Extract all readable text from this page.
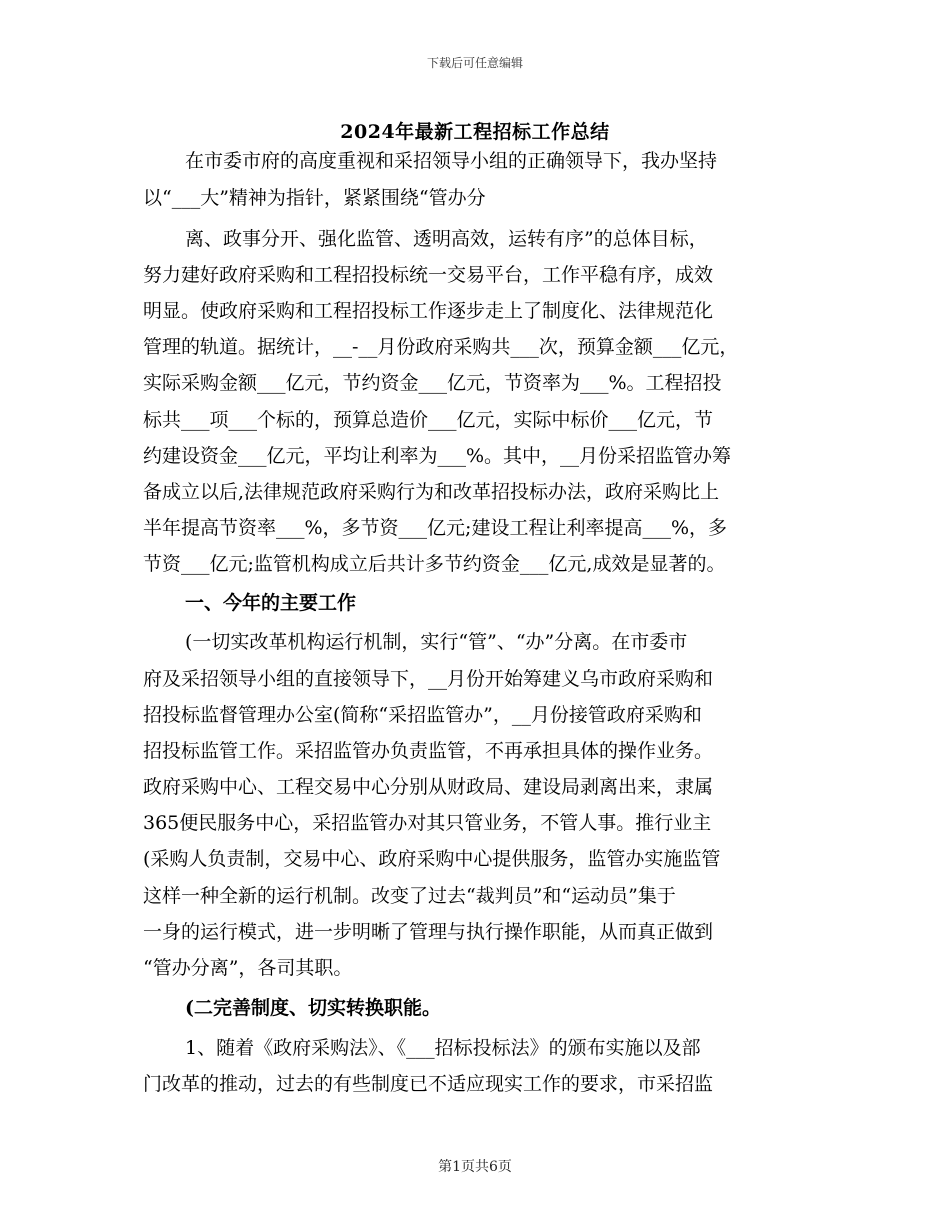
下载后可任意编辑
2024年最新工程招标工作总结
在市委市府的高度重视和采招领导小组的正确领导下，我办坚持
以“___大”精神为指针，紧紧围绕“管办分
离、政事分开、强化监管、透明高效，运转有序”的总体目标，
努力建好政府采购和工程招投标统一交易平台，工作平稳有序，成效
明显。使政府采购和工程招投标工作逐步走上了制度化、法律规范化
管理的轨道。据统计，__-__月份政府采购共___次，预算金额___亿元，
实际采购金额___亿元，节约资金___亿元，节资率为___%。工程招投
标共___项___个标的，预算总造价___亿元，实际中标价___亿元，节
约建设资金___亿元，平均让利率为___%。其中，__月份采招监管办筹
备成立以后,法律规范政府采购行为和改革招投标办法，政府采购比上
半年提高节资率___%，多节资___亿元;建设工程让利率提高___%，多
节资___亿元;监管机构成立后共计多节约资金___亿元,成效是显著的。
一、今年的主要工作
(一切实改革机构运行机制，实行“管”、“办”分离。在市委市
府及采招领导小组的直接领导下，__月份开始筹建义乌市政府采购和
招投标监督管理办公室(简称“采招监管办”，__月份接管政府采购和
招投标监管工作。采招监管办负责监管，不再承担具体的操作业务。
政府采购中心、工程交易中心分别从财政局、建设局剥离出来，隶属
365便民服务中心，采招监管办对其只管业务，不管人事。推行业主
(采购人负责制，交易中心、政府采购中心提供服务，监管办实施监管
这样一种全新的运行机制。改变了过去“裁判员”和“运动员”集于
一身的运行模式，进一步明晰了管理与执行操作职能，从而真正做到
“管办分离”，各司其职。
(二完善制度、切实转换职能。
1、随着《政府采购法》、《___招标投标法》的颁布实施以及部
门改革的推动，过去的有些制度已不适应现实工作的要求，市采招监
第1页共6页
